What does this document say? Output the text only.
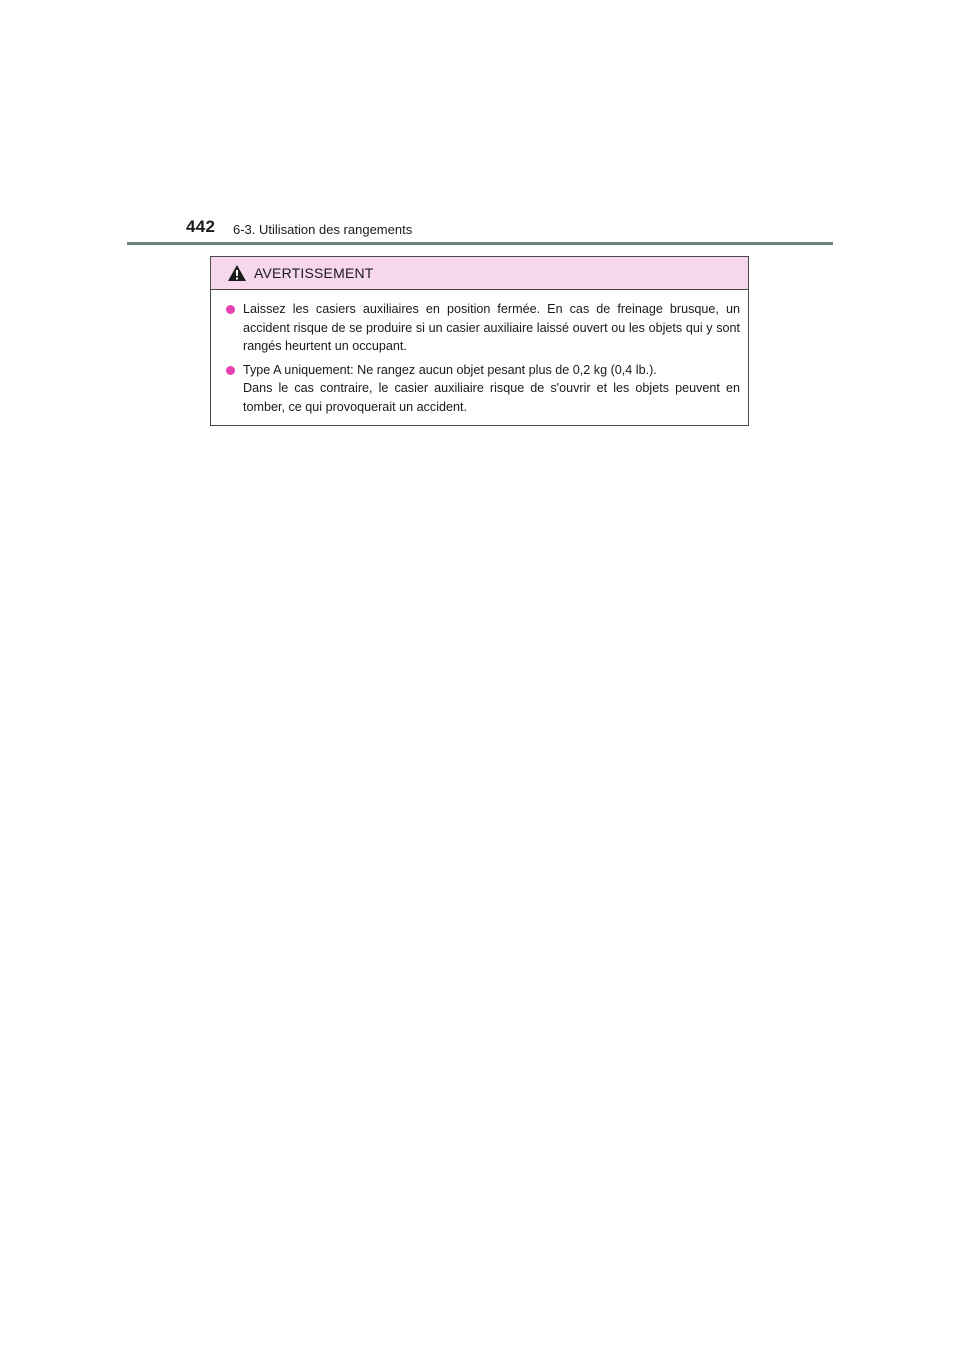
442 6-3. Utilisation des rangements
AVERTISSEMENT

Laissez les casiers auxiliaires en position fermée. En cas de freinage brusque, un accident risque de se produire si un casier auxiliaire laissé ouvert ou les objets qui y sont rangés heurtent un occupant.

Type A uniquement: Ne rangez aucun objet pesant plus de 0,2 kg (0,4 lb.).

Dans le cas contraire, le casier auxiliaire risque de s'ouvrir et les objets peuvent en tomber, ce qui provoquerait un accident.
